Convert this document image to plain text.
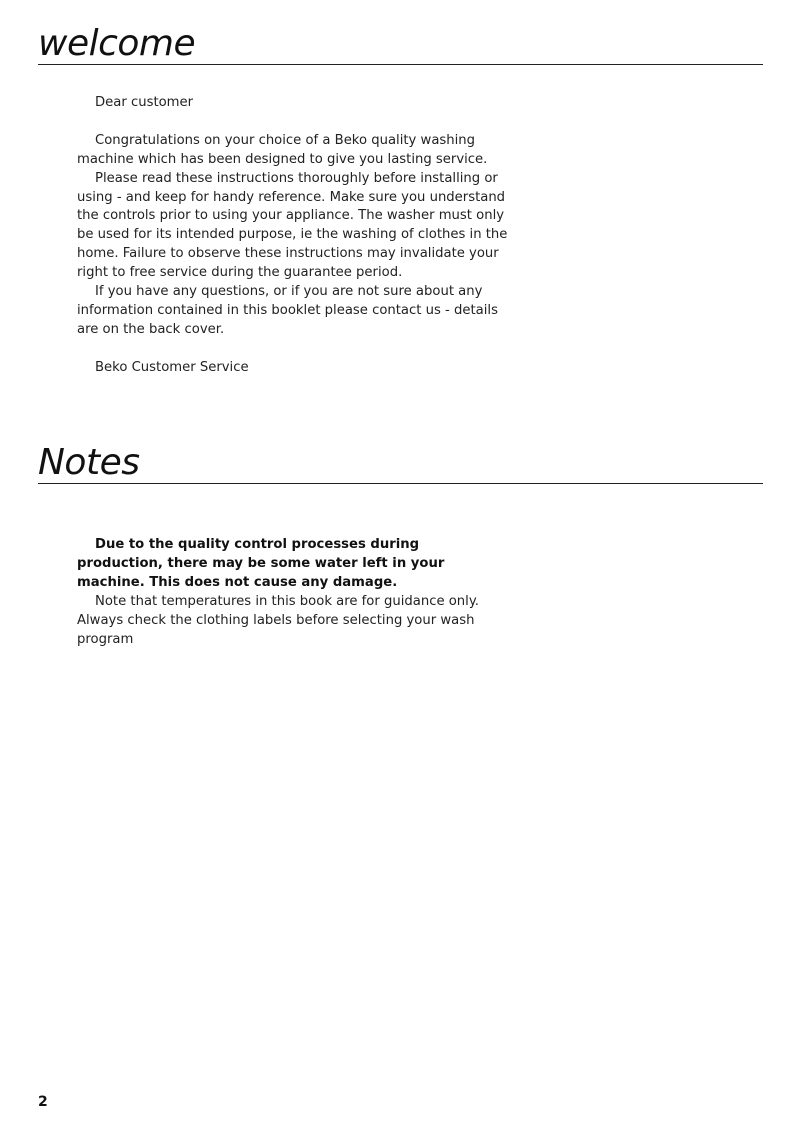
welcome

Dear customer

Congratulations on your choice of a Beko quality washing machine which has been designed to give you lasting service.

Please read these instructions thoroughly before installing or using - and keep for handy reference. Make sure you understand the controls prior to using your appliance. The washer must only be used for its intended purpose, ie the washing of clothes in the home. Failure to observe these instructions may invalidate your right to free service during the guarantee period.

If you have any questions, or if you are not sure about any information contained in this booklet please contact us - details are on the back cover.

Beko Customer Service

Notes

Due to the quality control processes during production, there may be some water left in your machine. This does not cause any damage.

Note that temperatures in this book are for guidance only. Always check the clothing labels before selecting your wash program

2
